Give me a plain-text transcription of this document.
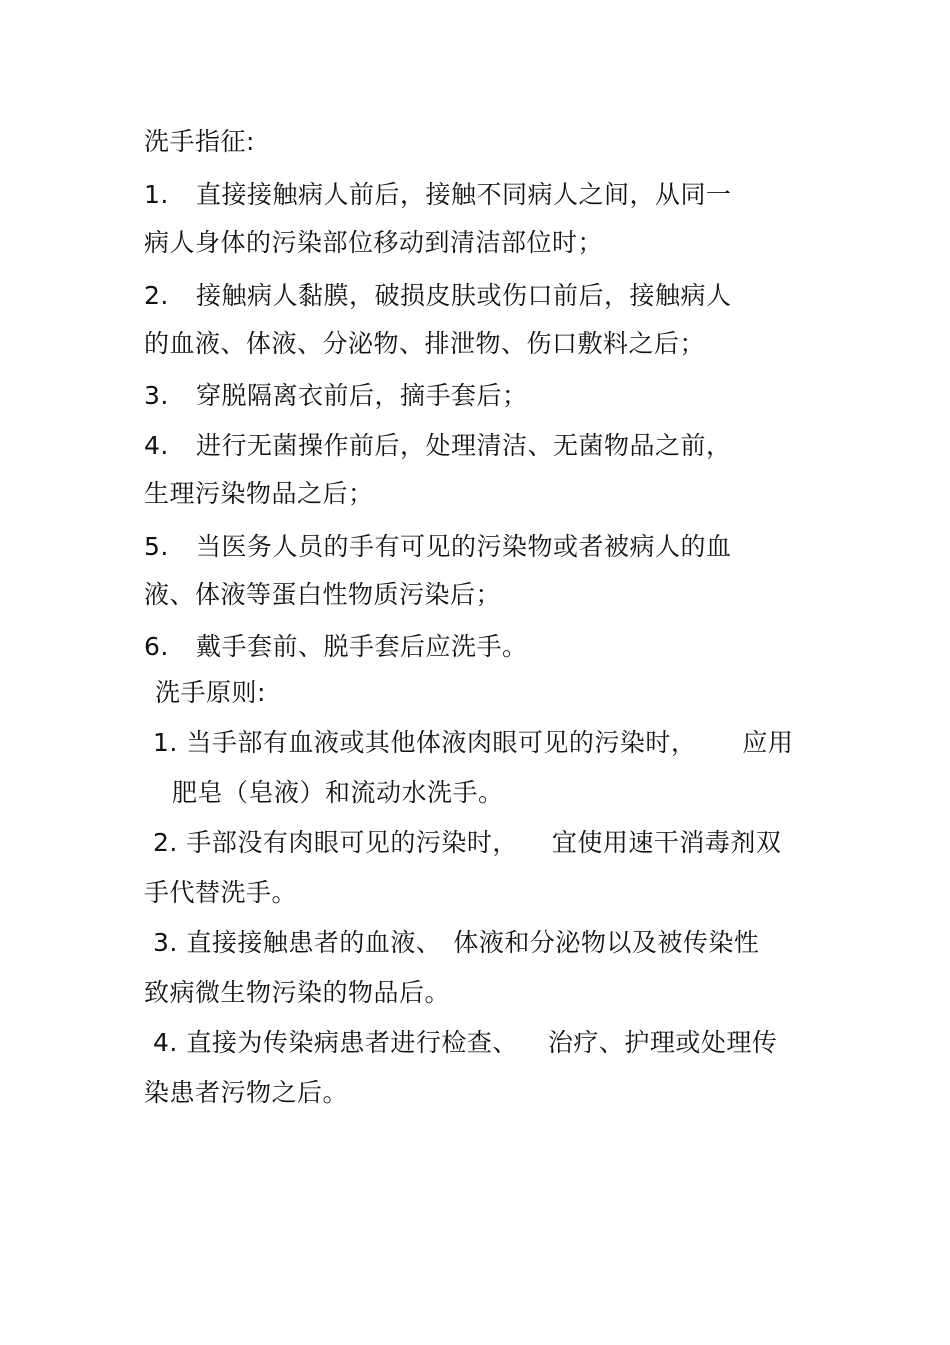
洗手指征:
1. 直接接触病人前后，接触不同病人之间，从同一
病人身体的污染部位移动到清洁部位时；
2. 接触病人黏膜，破损皮肤或伤口前后，接触病人
的血液、体液、分泌物、排泄物、伤口敷料之后；
3. 穿脱隔离衣前后，摘手套后；
4. 进行无菌操作前后，处理清洁、无菌物品之前，
生理污染物品之后；
5. 当医务人员的手有可见的污染物或者被病人的血
液、体液等蛋白性物质污染后；
6. 戴手套前、脱手套后应洗手。
洗手原则:
1. 当手部有血液或其他体液肉眼可见的污染时， 应用
肥皂（皂液）和流动水洗手。
2. 手部没有肉眼可见的污染时， 宜使用速干消毒剂双
手代替洗手。
3. 直接接触患者的血液、 体液和分泌物以及被传染性
致病微生物污染的物品后。
4. 直接为传染病患者进行检查、 治疗、护理或处理传
染患者污物之后。
